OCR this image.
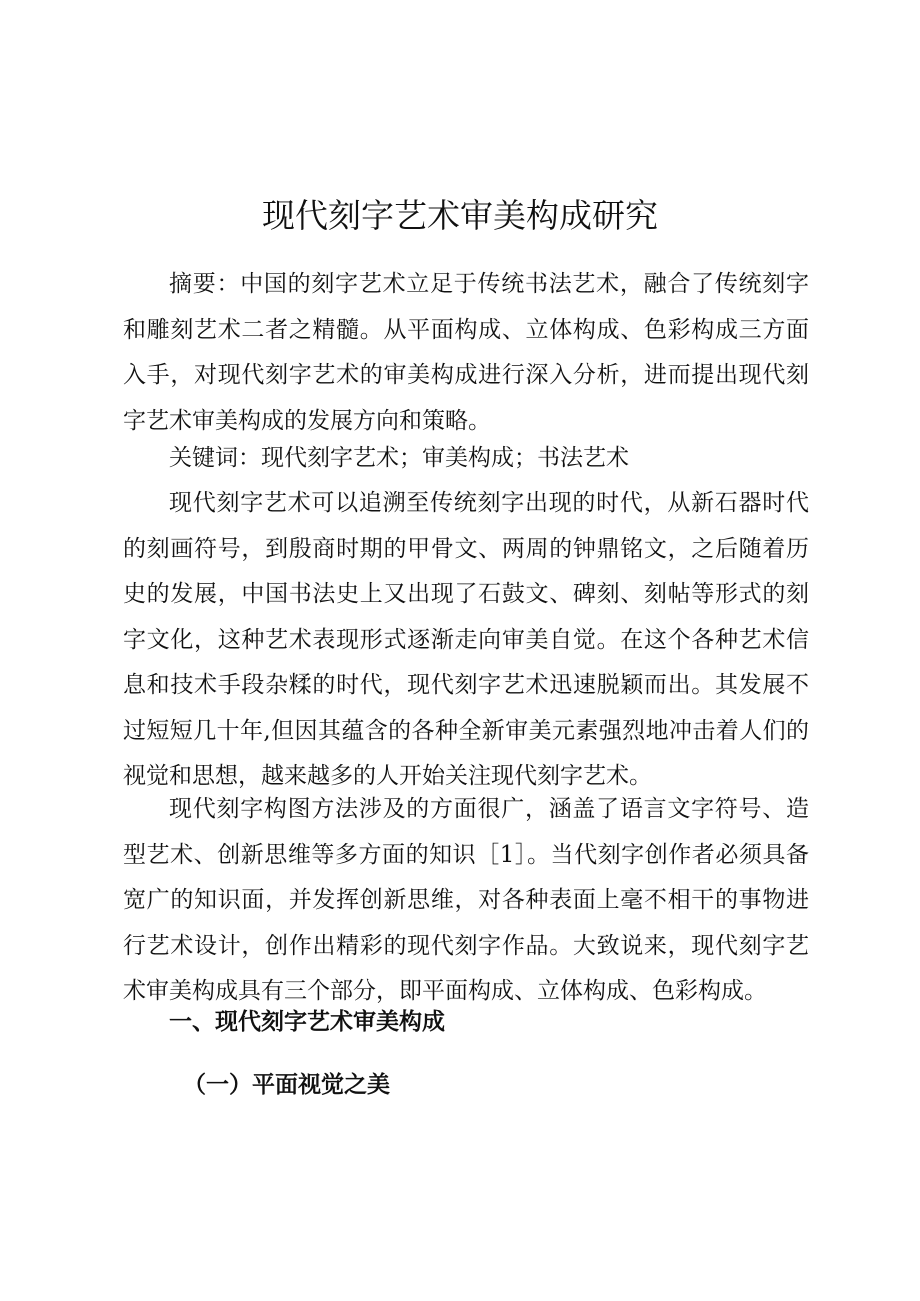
现代刻字艺术审美构成研究

摘要：中国的刻字艺术立足于传统书法艺术，融合了传统刻字和雕刻艺术二者之精髓。从平面构成、立体构成、色彩构成三方面入手，对现代刻字艺术的审美构成进行深入分析，进而提出现代刻字艺术审美构成的发展方向和策略。

关键词：现代刻字艺术；审美构成；书法艺术

现代刻字艺术可以追溯至传统刻字出现的时代，从新石器时代的刻画符号，到殷商时期的甲骨文、两周的钟鼎铭文，之后随着历史的发展，中国书法史上又出现了石鼓文、碑刻、刻帖等形式的刻字文化，这种艺术表现形式逐渐走向审美自觉。在这个各种艺术信息和技术手段杂糅的时代，现代刻字艺术迅速脱颖而出。其发展不过短短几十年,但因其蕴含的各种全新审美元素强烈地冲击着人们的视觉和思想，越来越多的人开始关注现代刻字艺术。

现代刻字构图方法涉及的方面很广，涵盖了语言文字符号、造型艺术、创新思维等多方面的知识［1］。当代刻字创作者必须具备宽广的知识面，并发挥创新思维，对各种表面上毫不相干的事物进行艺术设计，创作出精彩的现代刻字作品。大致说来，现代刻字艺术审美构成具有三个部分，即平面构成、立体构成、色彩构成。

一、现代刻字艺术审美构成
（一）平面视觉之美
